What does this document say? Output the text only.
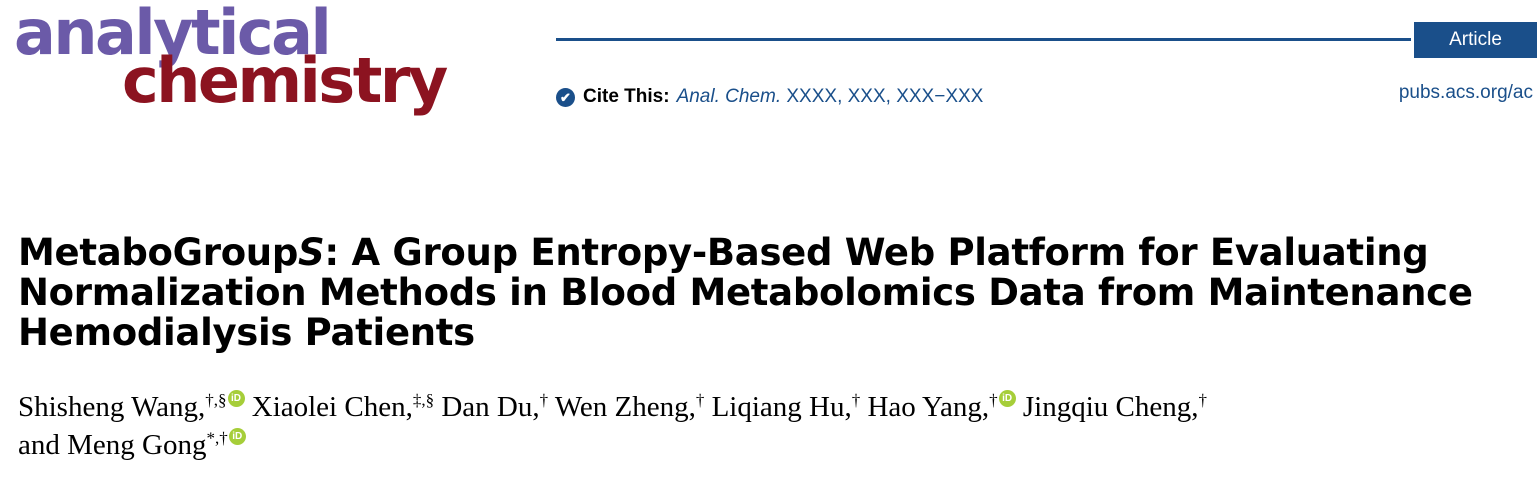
analytical
chemistry	✔ Cite This: Anal. Chem. XXXX, XXX, XXX−XXX
Article
pubs.acs.org/ac
MetaboGroupS: A Group Entropy-Based Web Platform for Evaluating Normalization Methods in Blood Metabolomics Data from Maintenance Hemodialysis Patients
Shisheng Wang,†,§iD Xiaolei Chen,‡,§ Dan Du,† Wen Zheng,† Liqiang Hu,† Hao Yang,†iD Jingqiu Cheng,†
and Meng Gong*,†iD
